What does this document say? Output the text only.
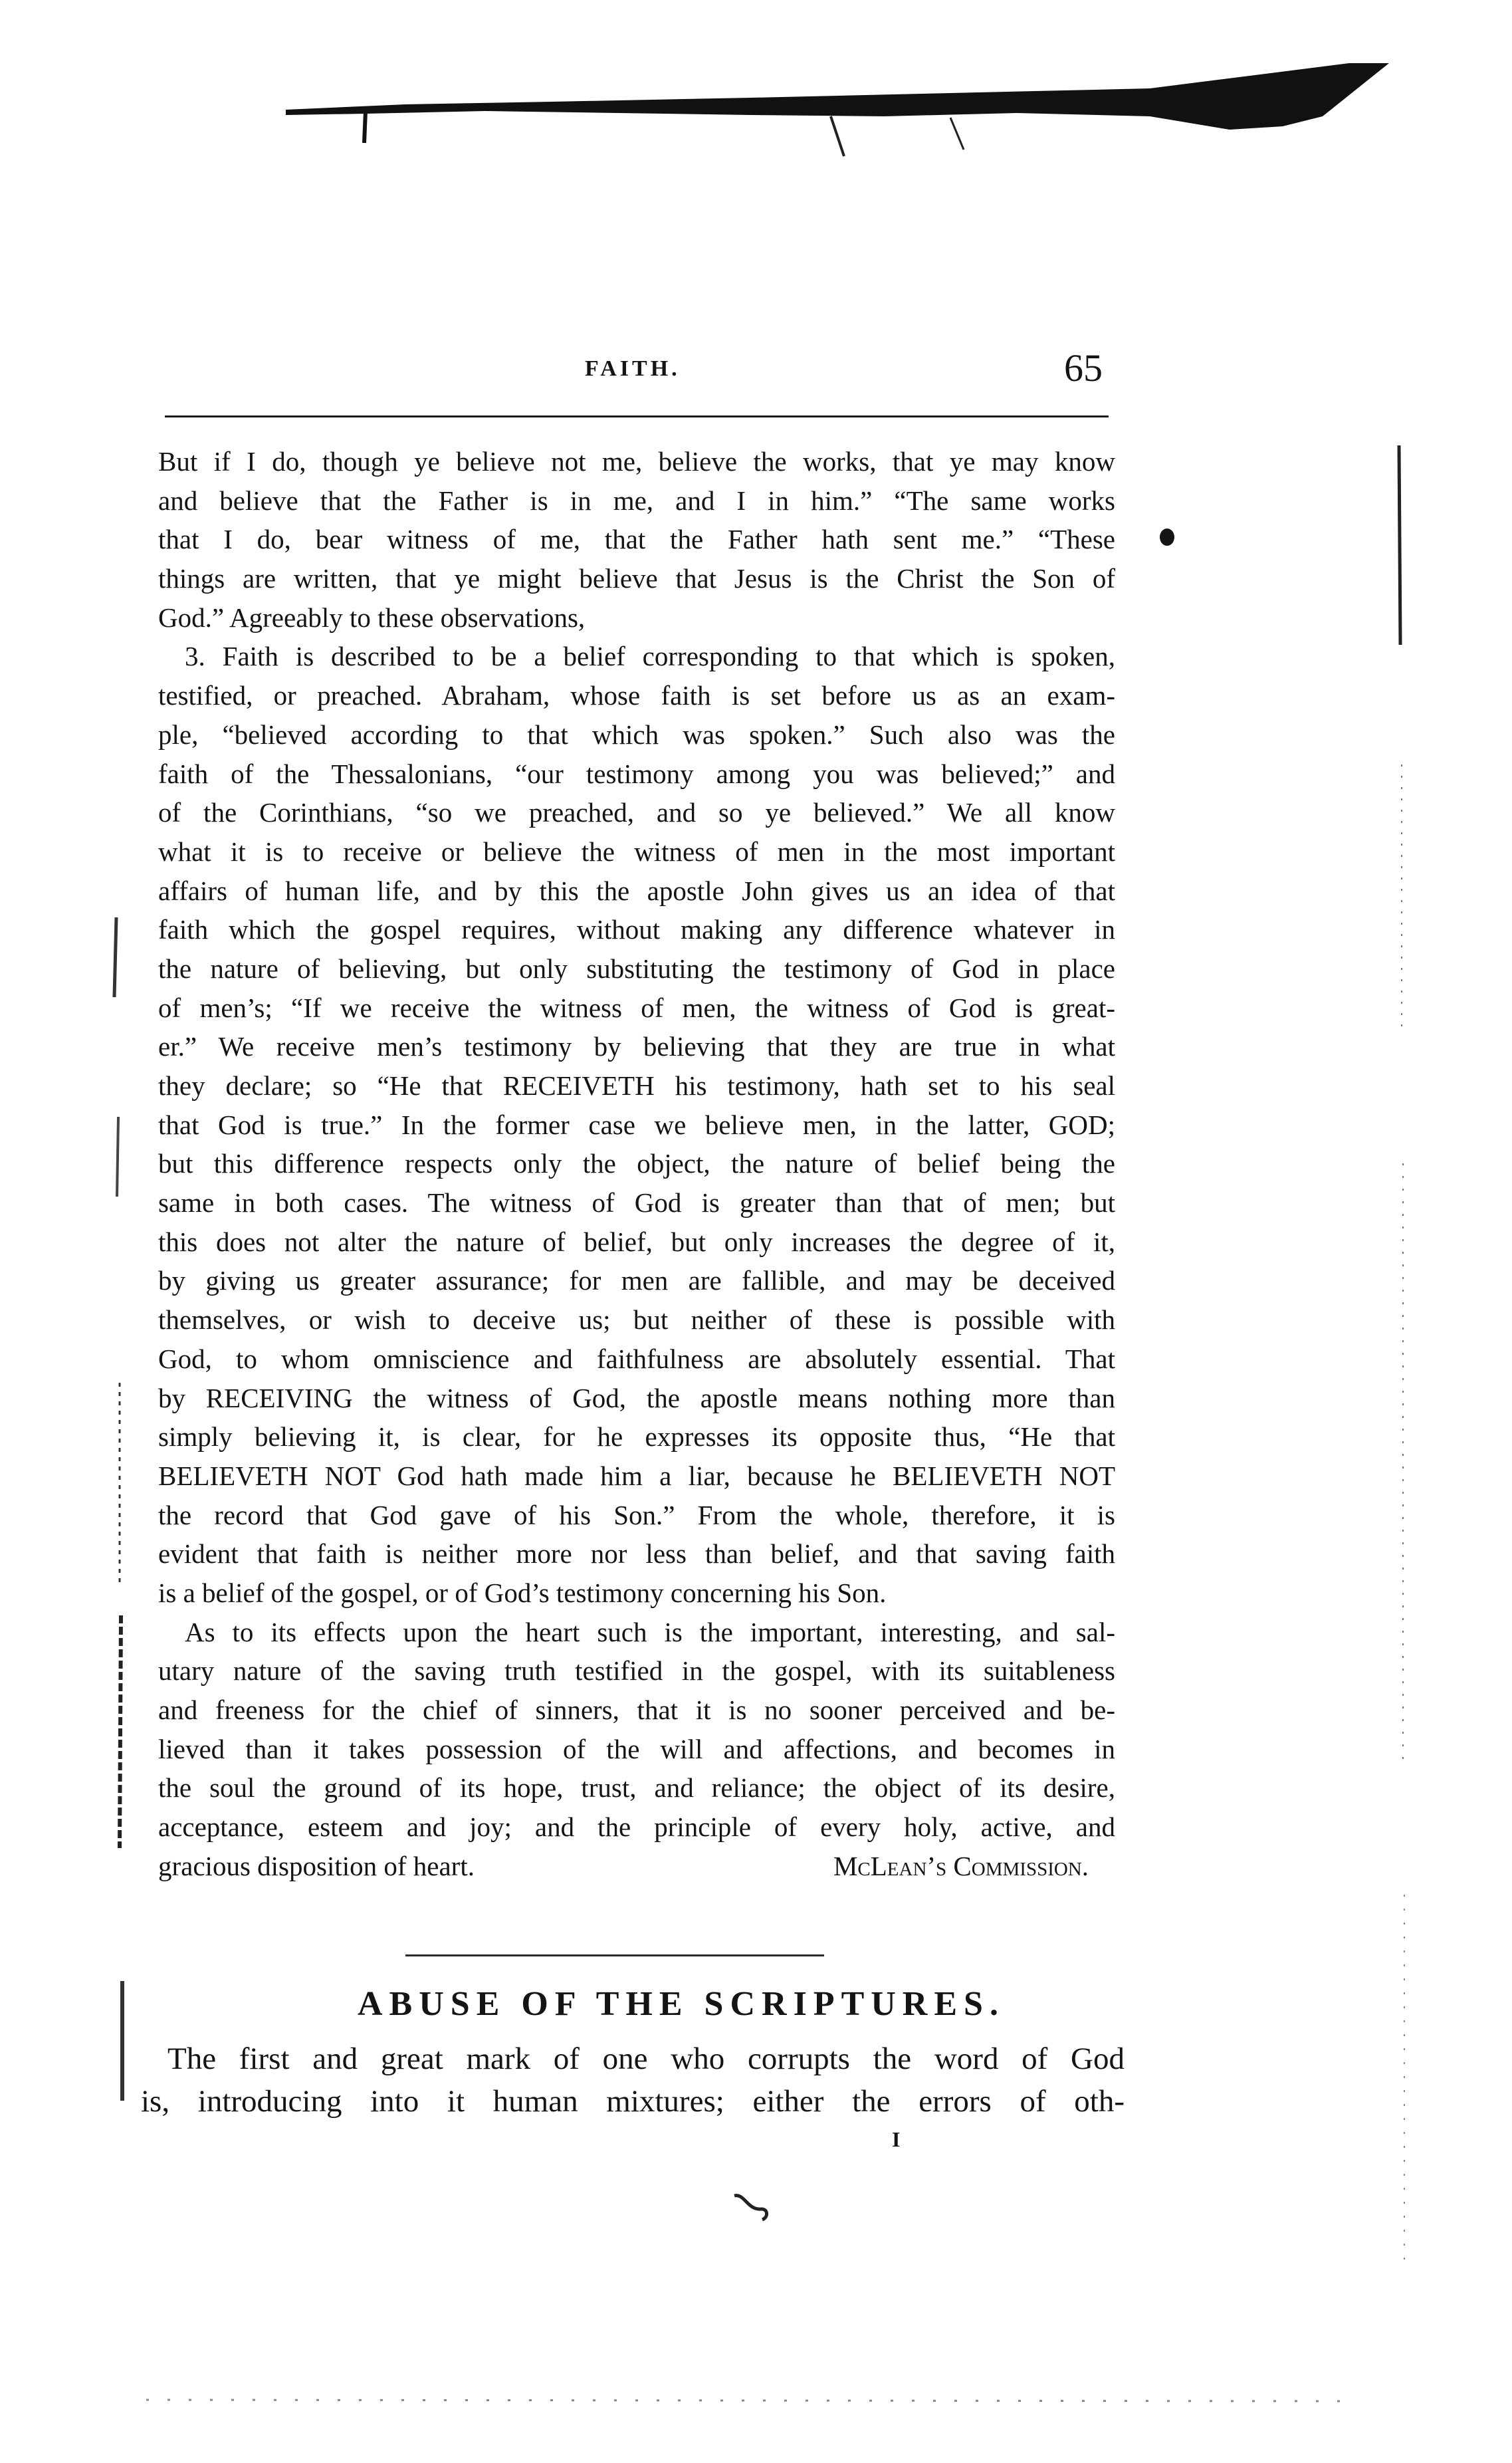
FAITH.	65
But if I do, though ye believe not me, believe the works, that ye may know
and believe that the Father is in me, and I in him.” “The same works
that I do, bear witness of me, that the Father hath sent me.” “These
things are written, that ye might believe that Jesus is the Christ the Son of
God.” Agreeably to these observations,
3. Faith is described to be a belief corresponding to that which is spoken,
testified, or preached. Abraham, whose faith is set before us as an exam-
ple, “believed according to that which was spoken.” Such also was the
faith of the Thessalonians, “our testimony among you was believed;” and
of the Corinthians, “so we preached, and so ye believed.” We all know
what it is to receive or believe the witness of men in the most important
affairs of human life, and by this the apostle John gives us an idea of that
faith which the gospel requires, without making any difference whatever in
the nature of believing, but only substituting the testimony of God in place
of men’s; “If we receive the witness of men, the witness of God is great-
er.” We receive men’s testimony by believing that they are true in what
they declare; so “He that RECEIVETH his testimony, hath set to his seal
that God is true.” In the former case we believe men, in the latter, GOD;
but this difference respects only the object, the nature of belief being the
same in both cases. The witness of God is greater than that of men; but
this does not alter the nature of belief, but only increases the degree of it,
by giving us greater assurance; for men are fallible, and may be deceived
themselves, or wish to deceive us; but neither of these is possible with
God, to whom omniscience and faithfulness are absolutely essential. That
by RECEIVING the witness of God, the apostle means nothing more than
simply believing it, is clear, for he expresses its opposite thus, “He that
BELIEVETH NOT God hath made him a liar, because he BELIEVETH NOT
the record that God gave of his Son.” From the whole, therefore, it is
evident that faith is neither more nor less than belief, and that saving faith
is a belief of the gospel, or of God’s testimony concerning his Son.
As to its effects upon the heart such is the important, interesting, and sal-
utary nature of the saving truth testified in the gospel, with its suitableness
and freeness for the chief of sinners, that it is no sooner perceived and be-
lieved than it takes possession of the will and affections, and becomes in
the soul the ground of its hope, trust, and reliance; the object of its desire,
acceptance, esteem and joy; and the principle of every holy, active, and
gracious disposition of heart.	McLean’s Commission.
ABUSE OF THE SCRIPTURES.
The first and great mark of one who corrupts the word of God
is, introducing into it human mixtures; either the errors of oth-
I
